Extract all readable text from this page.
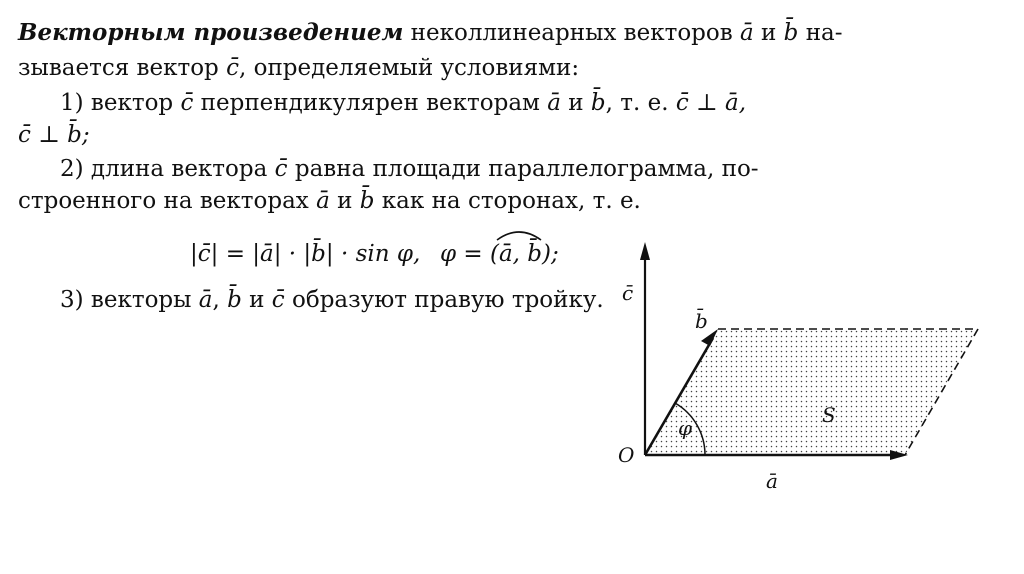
Векторным произведением неколлинеарных векторов ā и b̄ на-
зывается вектор c̄, определяемый условиями:
1) вектор c̄ перпендикулярен векторам ā и b̄, т. е. c̄ ⊥ ā,
c̄ ⊥ b̄;
2) длина вектора c̄ равна площади параллелограмма, по-
строенного на векторах ā и b̄ как на сторонах, т. е.
|c̄| = |ā| · |b̄| · sin φ, φ = (ā, b̄);
3) векторы ā, b̄ и c̄ образуют правую тройку. c̄
b̄
ā
O
S
φ
